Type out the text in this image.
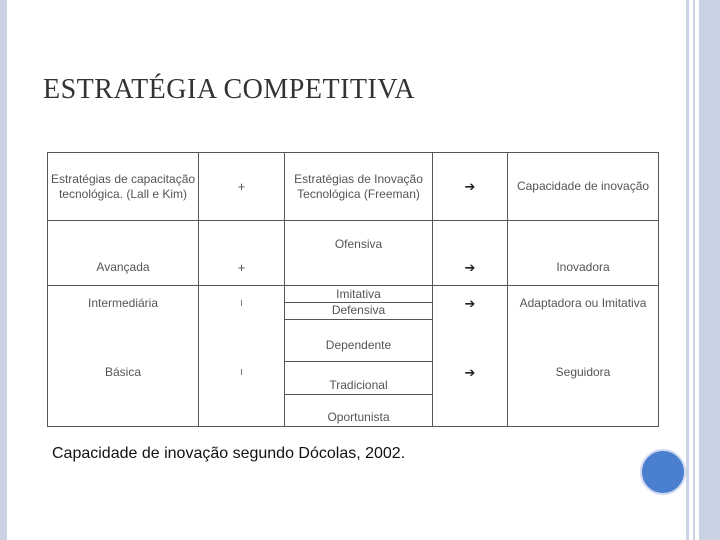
ESTRATÉGIA COMPETITIVA
Estratégias de capacitação tecnológica. (Lall e Kim)	+	Estratégias de Inovação Tecnológica (Freeman)	➔	Capacidade de inovação
Avançada	+	Ofensiva	➔	Inovadora
Intermediária	ı	Imitativa	➔	Adaptadora ou Imitativa
		Defensiva		
Básica	ı	Dependente	➔	Seguidora
		Tradicional		
		Oportunista		
Capacidade de inovação segundo Dócolas, 2002.
